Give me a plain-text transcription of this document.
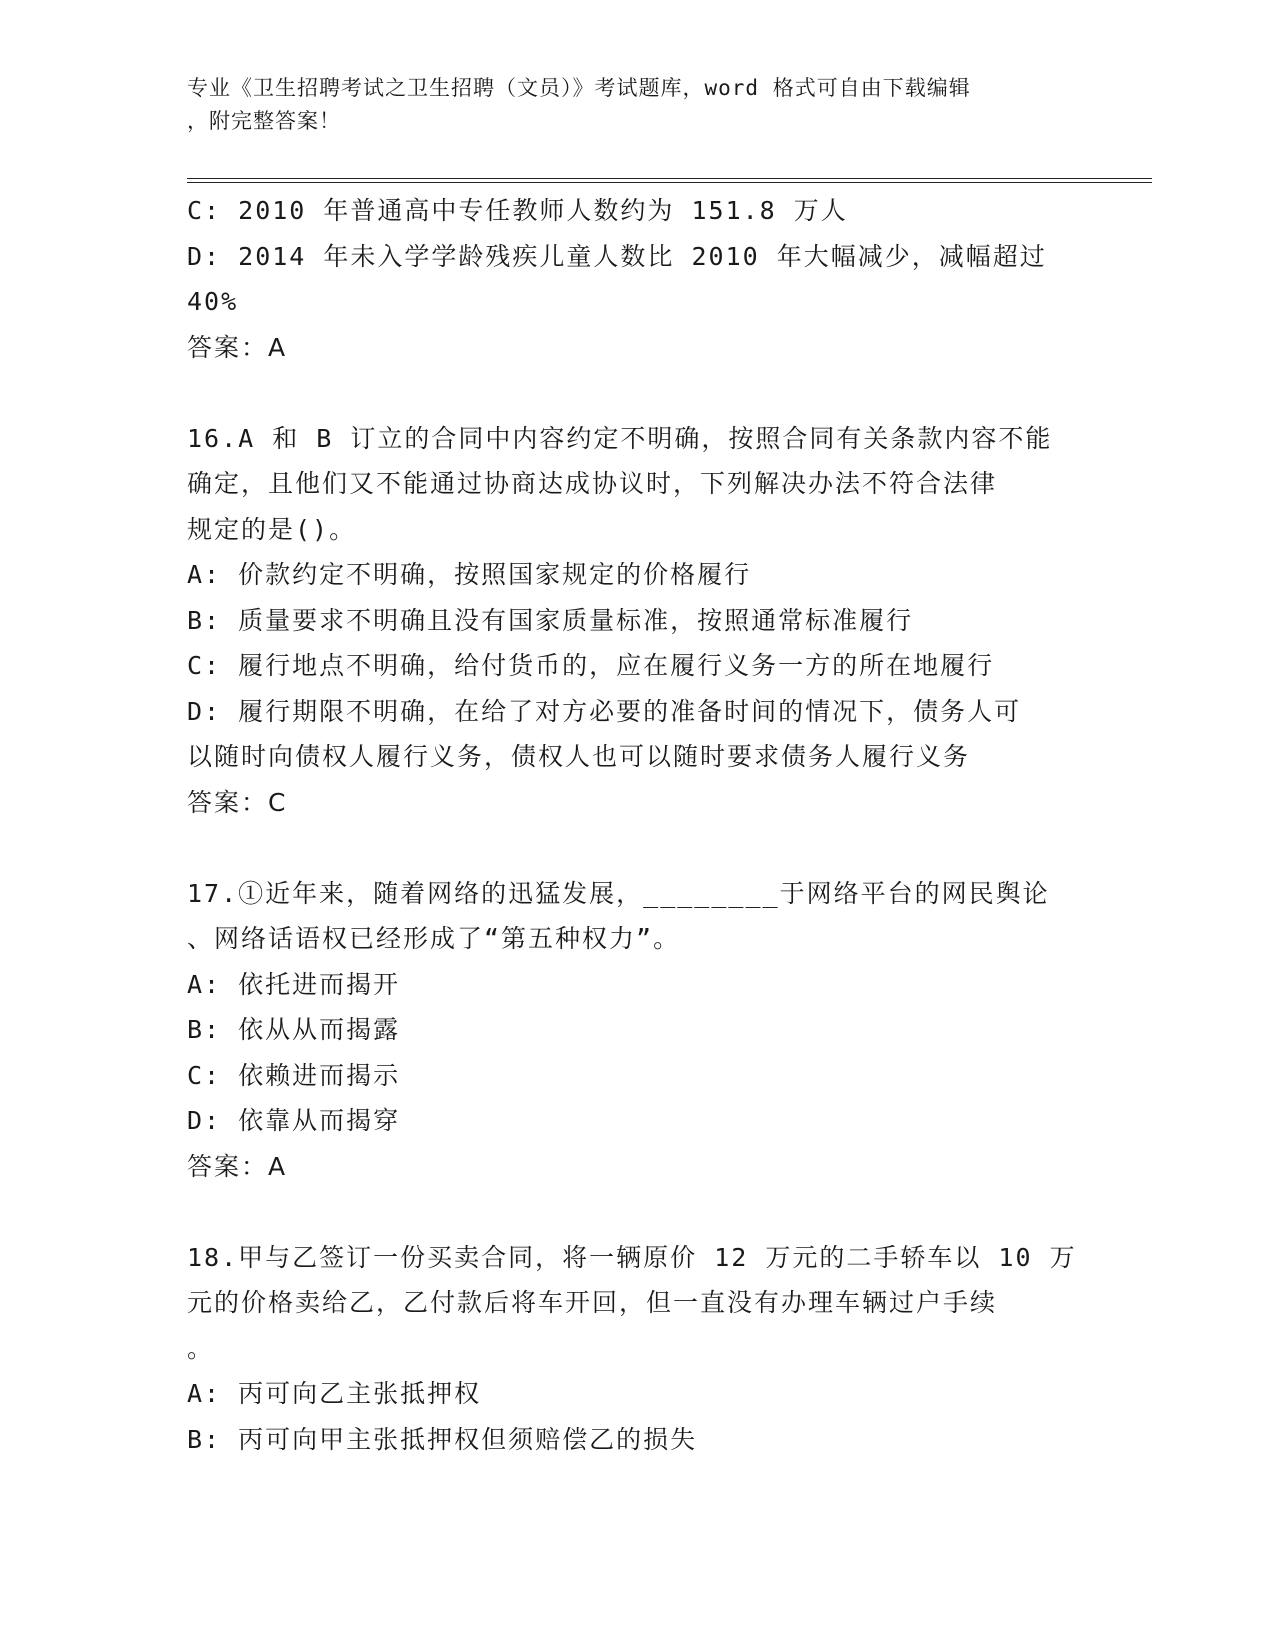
专业《卫生招聘考试之卫生招聘（文员）》考试题库，word 格式可自由下载编辑
，附完整答案！
C: 2010 年普通高中专任教师人数约为 151.8 万人
D: 2014 年未入学学龄残疾儿童人数比 2010 年大幅减少，减幅超过
40%
答案：A
16.A 和 B 订立的合同中内容约定不明确，按照合同有关条款内容不能
确定，且他们又不能通过协商达成协议时，下列解决办法不符合法律
规定的是()。
A: 价款约定不明确，按照国家规定的价格履行
B: 质量要求不明确且没有国家质量标准，按照通常标准履行
C: 履行地点不明确，给付货币的，应在履行义务一方的所在地履行
D: 履行期限不明确，在给了对方必要的准备时间的情况下，债务人可
以随时向债权人履行义务，债权人也可以随时要求债务人履行义务
答案：C
17.①近年来，随着网络的迅猛发展，________于网络平台的网民舆论
、网络话语权已经形成了“第五种权力”。
A: 依托进而揭开
B: 依从从而揭露
C: 依赖进而揭示
D: 依靠从而揭穿
答案：A
18.甲与乙签订一份买卖合同，将一辆原价 12 万元的二手轿车以 10 万
元的价格卖给乙，乙付款后将车开回，但一直没有办理车辆过户手续
。
A: 丙可向乙主张抵押权
B: 丙可向甲主张抵押权但须赔偿乙的损失
